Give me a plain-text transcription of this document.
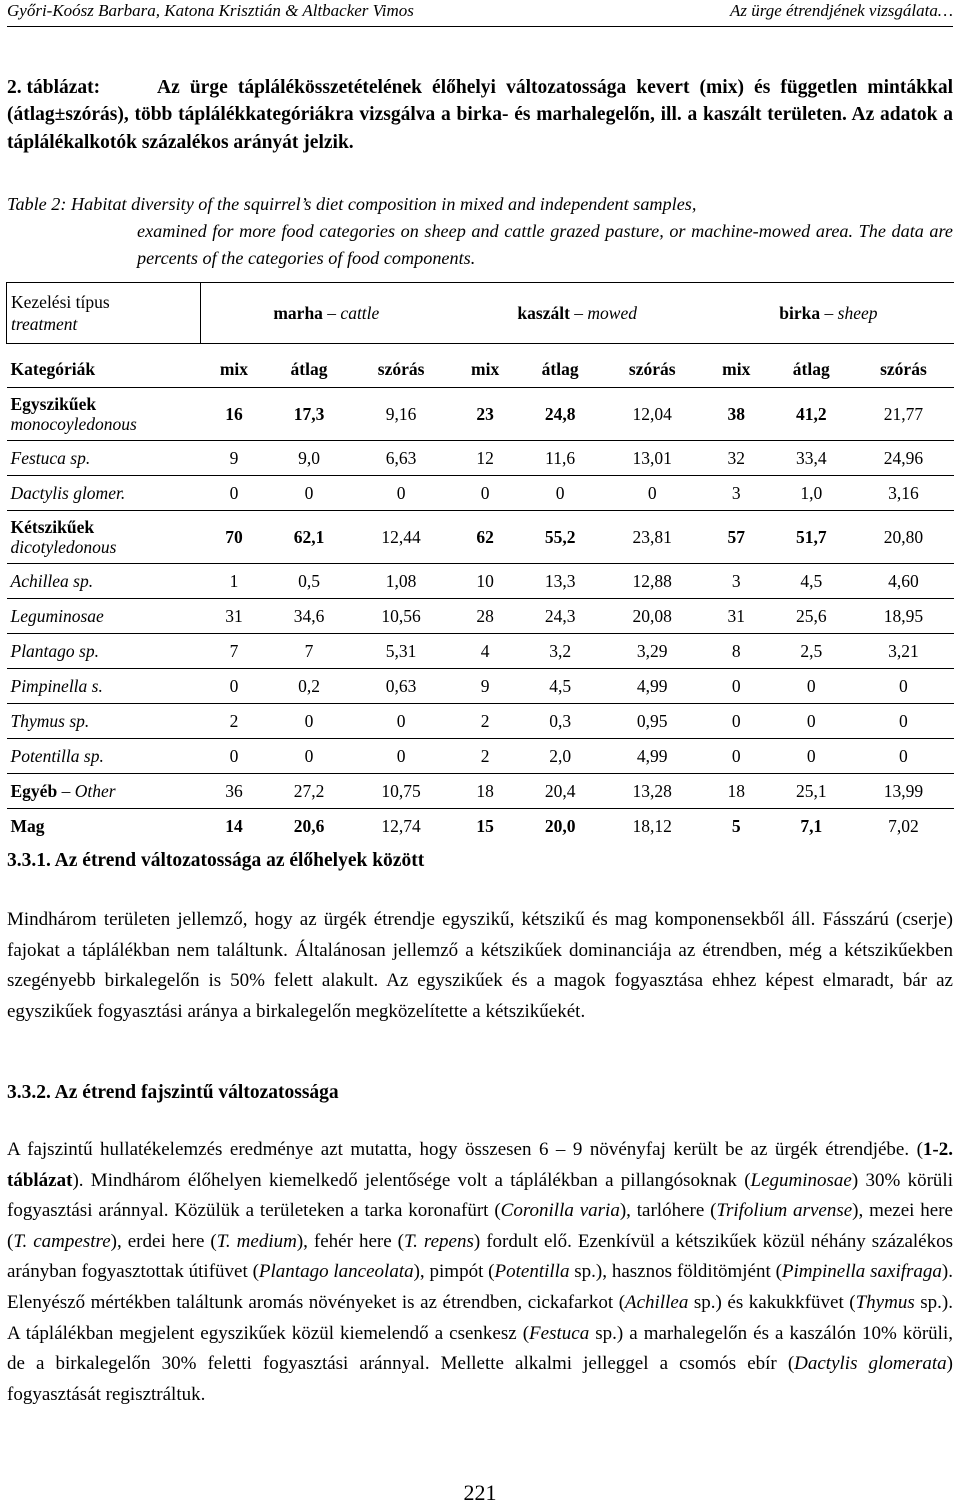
Győri-Koósz Barbara, Katona Krisztián & Altbacker Vimos	Az ürge étrendjének vizsgálata…
2. táblázat:	Az ürge táplálékösszetételének élőhelyi változatossága kevert (mix) és független mintákkal (átlag±szórás), több táplálékkategóriákra vizsgálva a birka- és marhalegelőn, ill. a kaszált területen. Az adatok a táplálékalkotók százalékos arányát jelzik.
Table 2: Habitat diversity of the squirrel’s diet composition in mixed and independent samples,
examined for more food categories on sheep and cattle grazed pasture, or machine-mowed area. The data are percents of the categories of food components.
Kezelési típus
treatment	marha – cattle			kaszált – mowed			birka – sheep		

Kategóriák	mix	átlag	szórás	mix	átlag	szórás	mix	átlag	szórás

Egyszikűek
monocoyledonous	16	17,3	9,16	23	24,8	12,04	38	41,2	21,77
Festuca sp.	9	9,0	6,63	12	11,6	13,01	32	33,4	24,96
Dactylis glomer.	0	0	0	0	0	0	3	1,0	3,16

Kétszikűek
dicotyledonous	70	62,1	12,44	62	55,2	23,81	57	51,7	20,80
Achillea sp.	1	0,5	1,08	10	13,3	12,88	3	4,5	4,60
Leguminosae	31	34,6	10,56	28	24,3	20,08	31	25,6	18,95
Plantago sp.	7	7	5,31	4	3,2	3,29	8	2,5	3,21
Pimpinella s.	0	0,2	0,63	9	4,5	4,99	0	0	0
Thymus sp.	2	0	0	2	0,3	0,95	0	0	0
Potentilla sp.	0	0	0	2	2,0	4,99	0	0	0
Egyéb – Other	36	27,2	10,75	18	20,4	13,28	18	25,1	13,99
Mag	14	20,6	12,74	15	20,0	18,12	5	7,1	7,02
3.3.1. Az étrend változatossága az élőhelyek között
Mindhárom területen jellemző, hogy az ürgék étrendje egyszikű, kétszikű és mag komponensekből áll. Fásszárú (cserje) fajokat a táplálékban nem találtunk. Általánosan jellemző a kétszikűek dominanciája az étrendben, még a kétszikűekben szegényebb birkalegelőn is 50% felett alakult. Az egyszikűek és a magok fogyasztása ehhez képest elmaradt, bár az egyszikűek fogyasztási aránya a birkalegelőn megközelítette a kétszikűekét.
3.3.2. Az étrend fajszintű változatossága
A fajszintű hullatékelemzés eredménye azt mutatta, hogy összesen 6 – 9 növényfaj került be az ürgék étrendjébe. (1-2. táblázat). Mindhárom élőhelyen kiemelkedő jelentősége volt a táplálékban a pillangósoknak (Leguminosae) 30% körüli fogyasztási aránnyal. Közülük a területeken a tarka koronafürt (Coronilla varia), tarlóhere (Trifolium arvense), mezei here (T. campestre), erdei here (T. medium), fehér here (T. repens) fordult elő. Ezenkívül a kétszikűek közül néhány százalékos arányban fogyasztottak útifüvet (Plantago lanceolata), pimpót (Potentilla sp.), hasznos földitömjént (Pimpinella saxifraga). Elenyésző mértékben találtunk aromás növényeket is az étrendben, cickafarkot (Achillea sp.) és kakukkfüvet (Thymus sp.). A táplálékban megjelent egyszikűek közül kiemelendő a csenkesz (Festuca sp.) a marhalegelőn és a kaszálón 10% körüli, de a birkalegelőn 30% feletti fogyasztási aránnyal. Mellette alkalmi jelleggel a csomós ebír (Dactylis glomerata) fogyasztását regisztráltuk.
221
